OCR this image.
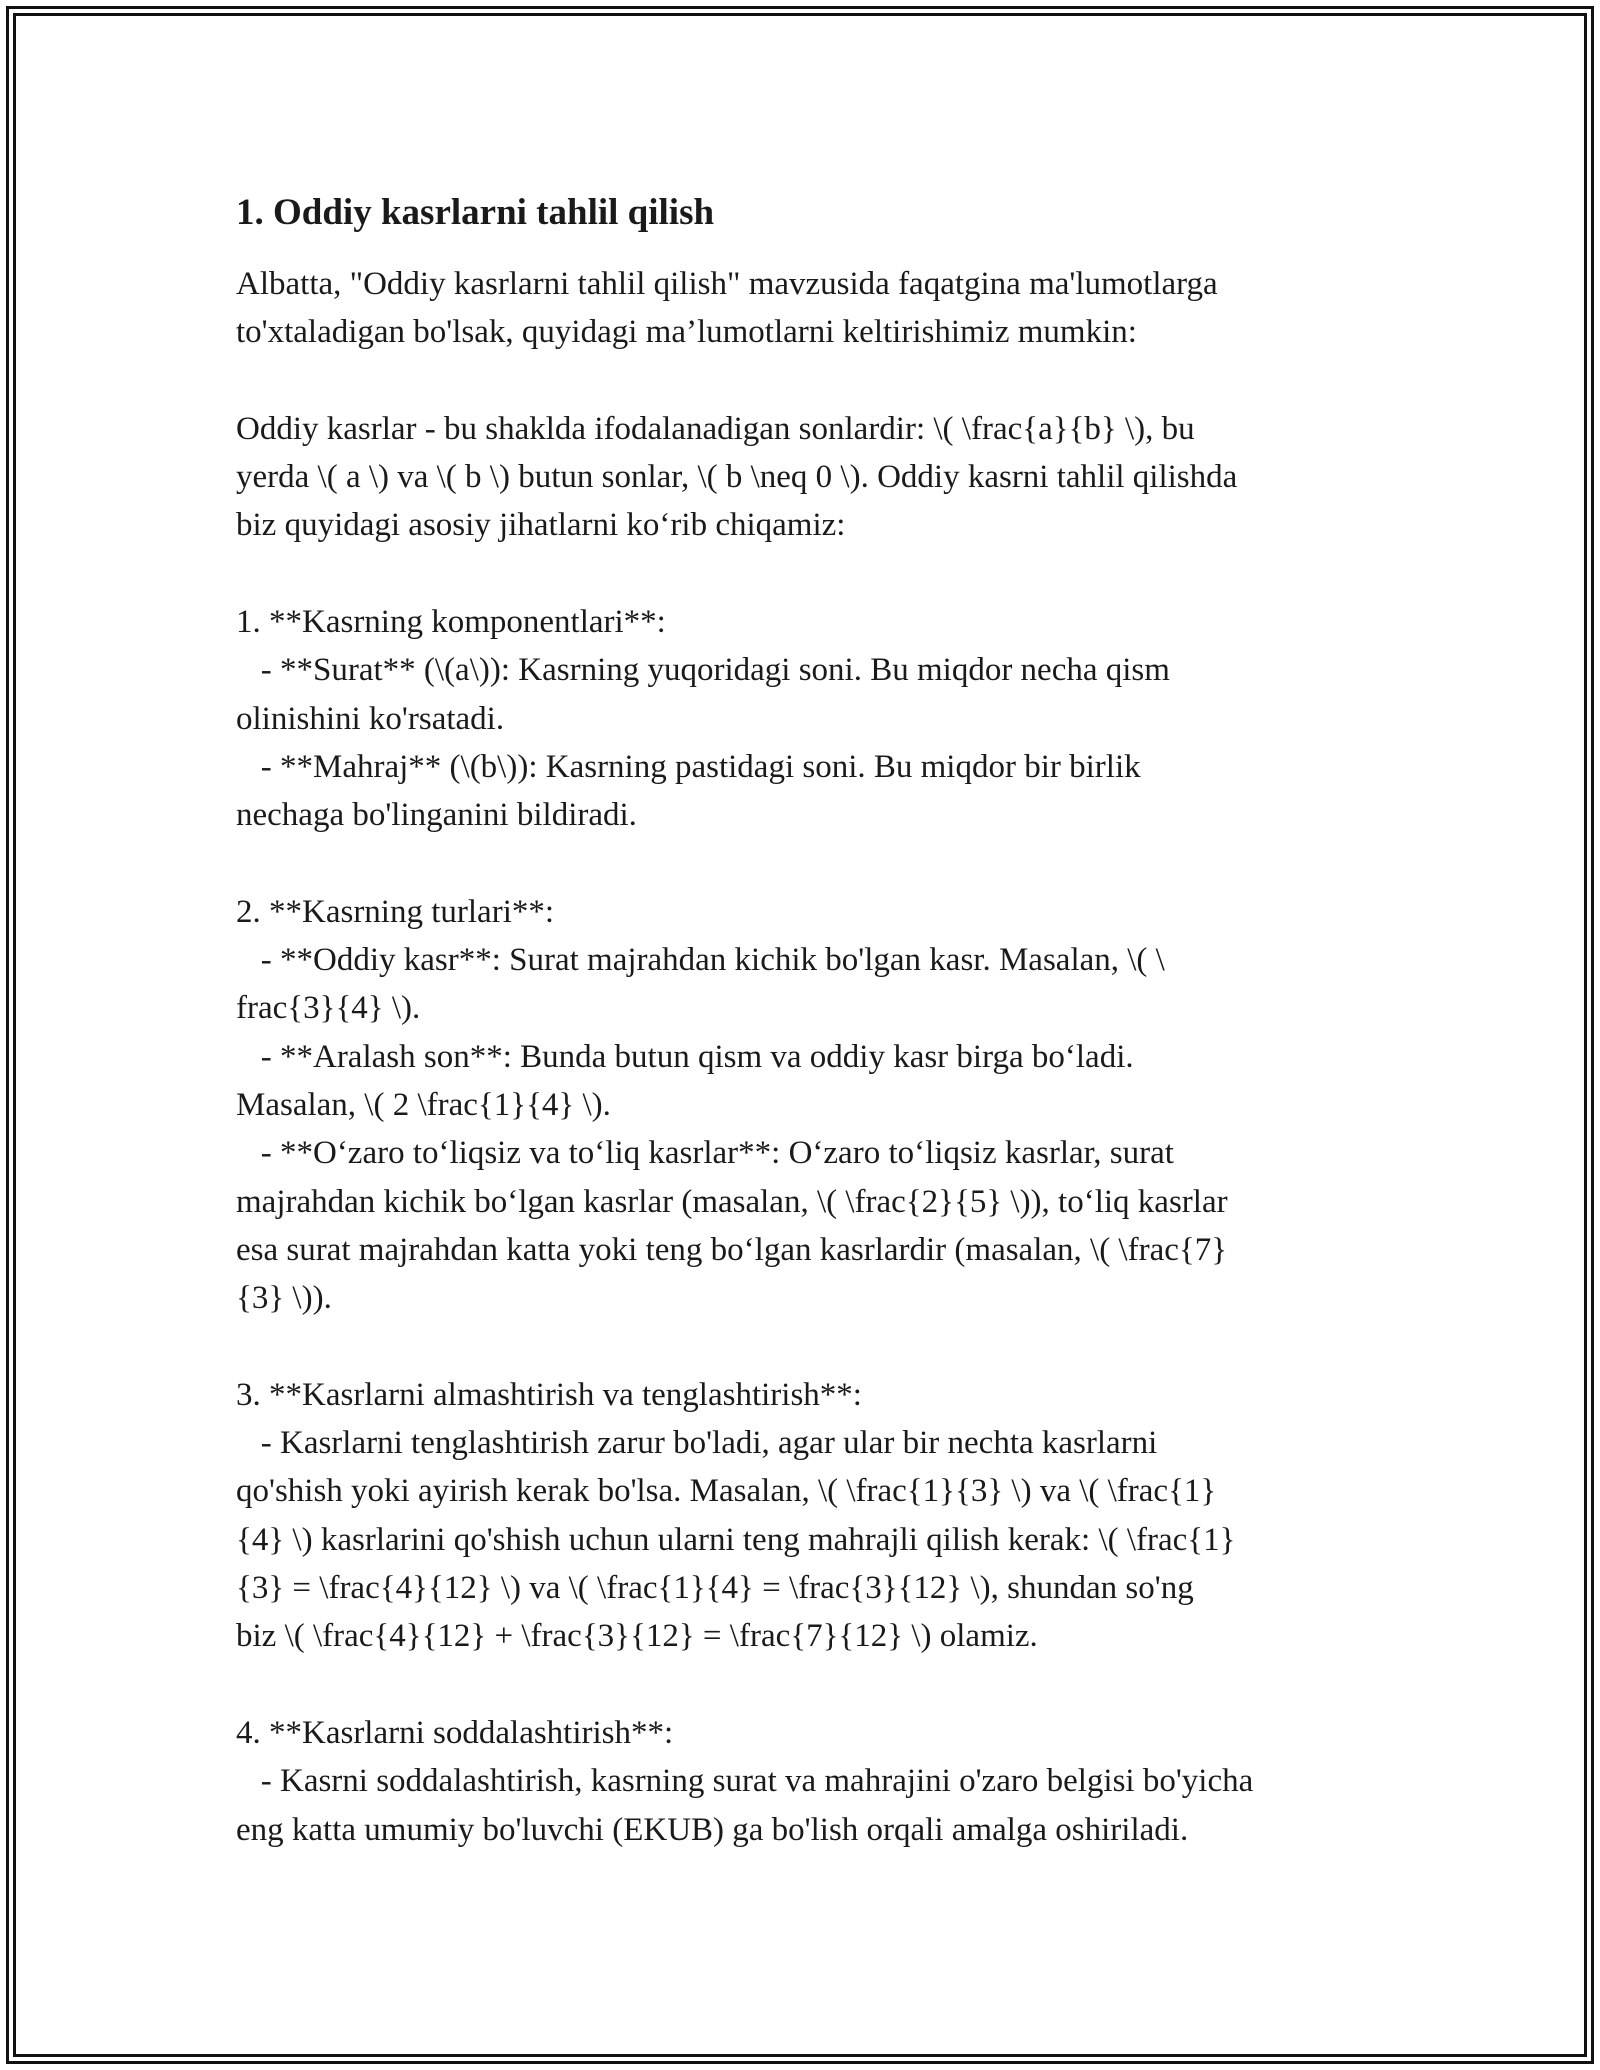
1. Oddiy kasrlarni tahlil qilish

Albatta, "Oddiy kasrlarni tahlil qilish" mavzusida faqatgina ma'lumotlarga
to'xtaladigan bo'lsak, quyidagi ma’lumotlarni keltirishimiz mumkin:

Oddiy kasrlar - bu shaklda ifodalanadigan sonlardir: \( \frac{a}{b} \), bu
yerda \( a \) va \( b \) butun sonlar, \( b \neq 0 \). Oddiy kasrni tahlil qilishda
biz quyidagi asosiy jihatlarni ko‘rib chiqamiz:

1. **Kasrning komponentlari**:
- **Surat** (\(a\)): Kasrning yuqoridagi soni. Bu miqdor necha qism
olinishini ko'rsatadi.
- **Mahraj** (\(b\)): Kasrning pastidagi soni. Bu miqdor bir birlik
nechaga bo'linganini bildiradi.

2. **Kasrning turlari**:
- **Oddiy kasr**: Surat majrahdan kichik bo'lgan kasr. Masalan, \( \
frac{3}{4} \).
- **Aralash son**: Bunda butun qism va oddiy kasr birga bo‘ladi.
Masalan, \( 2 \frac{1}{4} \).
- **O‘zaro to‘liqsiz va to‘liq kasrlar**: O‘zaro to‘liqsiz kasrlar, surat
majrahdan kichik bo‘lgan kasrlar (masalan, \( \frac{2}{5} \)), to‘liq kasrlar
esa surat majrahdan katta yoki teng bo‘lgan kasrlardir (masalan, \( \frac{7}
{3} \)).

3. **Kasrlarni almashtirish va tenglashtirish**:
- Kasrlarni tenglashtirish zarur bo'ladi, agar ular bir nechta kasrlarni
qo'shish yoki ayirish kerak bo'lsa. Masalan, \( \frac{1}{3} \) va \( \frac{1}
{4} \) kasrlarini qo'shish uchun ularni teng mahrajli qilish kerak: \( \frac{1}
{3} = \frac{4}{12} \) va \( \frac{1}{4} = \frac{3}{12} \), shundan so'ng
biz \( \frac{4}{12} + \frac{3}{12} = \frac{7}{12} \) olamiz.

4. **Kasrlarni soddalashtirish**:
- Kasrni soddalashtirish, kasrning surat va mahrajini o'zaro belgisi bo'yicha
eng katta umumiy bo'luvchi (EKUB) ga bo'lish orqali amalga oshiriladi.
